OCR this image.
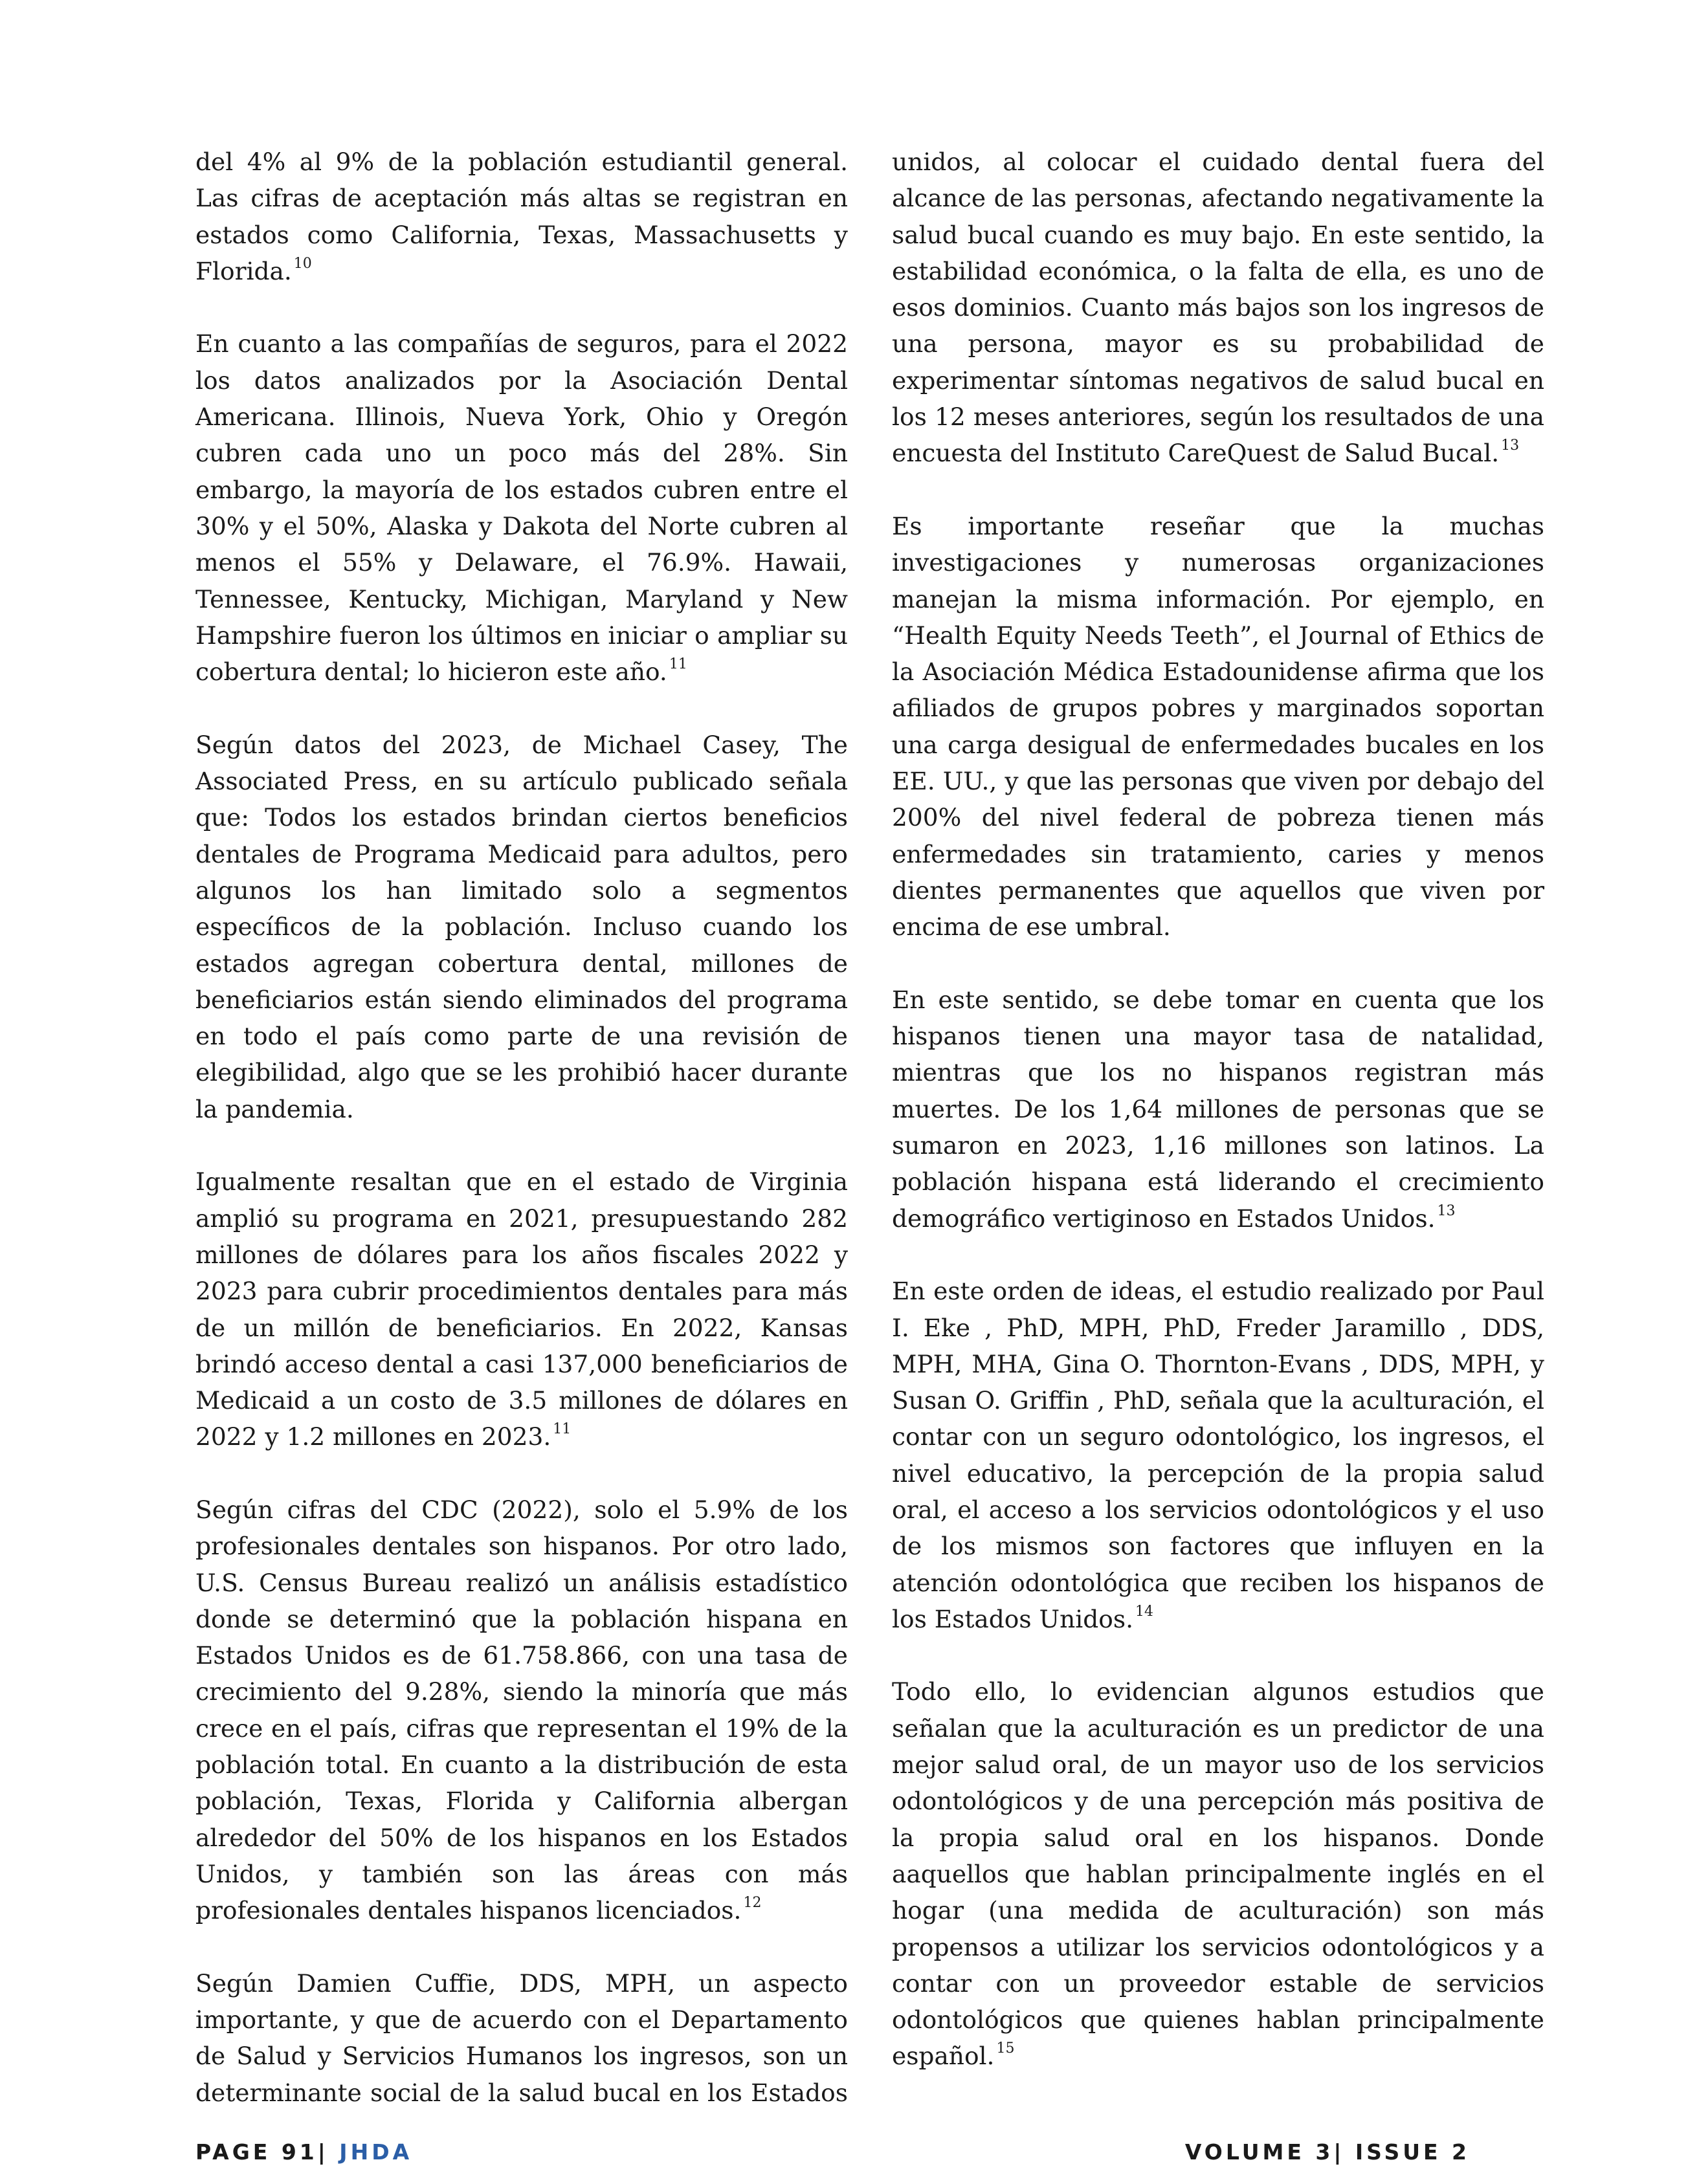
del 4% al 9% de la población estudiantil general. Las cifras de aceptación más altas se registran en estados como California, Texas, Massachusetts y Florida. $^{10}$

En cuanto a las compañías de seguros, para el 2022 los datos analizados por la Asociación Dental Americana. Illinois, Nueva York, Ohio y Oregón cubren cada uno un poco más del 28%. Sin embargo, la mayoría de los estados cubren entre el 30% y el 50%, Alaska y Dakota del Norte cubren al menos el 55% y Delaware, el 76.9%. Hawaii, Tennessee, Kentucky, Michigan, Maryland y New Hampshire fueron los últimos en iniciar o ampliar su cobertura dental; lo hicieron este año. $^{11}$

Según datos del 2023, de Michael Casey, The Associated Press, en su artículo publicado señala que: Todos los estados brindan ciertos beneficios dentales de Programa Medicaid para adultos, pero algunos los han limitado solo a segmentos específicos de la población. Incluso cuando los estados agregan cobertura dental, millones de beneficiarios están siendo eliminados del programa en todo el país como parte de una revisión de elegibilidad, algo que se les prohibió hacer durante la pandemia.

Igualmente resaltan que en el estado de Virginia amplió su programa en 2021, presupuestando 282 millones de dólares para los años fiscales 2022 y 2023 para cubrir procedimientos dentales para más de un millón de beneficiarios. En 2022, Kansas brindó acceso dental a casi 137,000 beneficiarios de Medicaid a un costo de 3.5 millones de dólares en 2022 y 1.2 millones en 2023. $^{11}$

Según cifras del CDC (2022), solo el 5.9% de los profesionales dentales son hispanos. Por otro lado, U.S. Census Bureau realizó un análisis estadístico donde se determinó que la población hispana en Estados Unidos es de 61.758.866, con una tasa de crecimiento del 9.28%, siendo la minoría que más crece en el país, cifras que representan el 19% de la población total. En cuanto a la distribución de esta población, Texas, Florida y California albergan alrededor del 50% de los hispanos en los Estados Unidos, y también son las áreas con más profesionales dentales hispanos licenciados. $^{12}$

Según Damien Cuffie, DDS, MPH, un aspecto importante, y que de acuerdo con el Departamento de Salud y Servicios Humanos los ingresos, son un determinante social de la salud bucal en los Estados

unidos, al colocar el cuidado dental fuera del alcance de las personas, afectando negativamente la salud bucal cuando es muy bajo. En este sentido, la estabilidad económica, o la falta de ella, es uno de esos dominios. Cuanto más bajos son los ingresos de una persona, mayor es su probabilidad de experimentar síntomas negativos de salud bucal en los 12 meses anteriores, según los resultados de una encuesta del Instituto CareQuest de Salud Bucal. $^{13}$

Es importante reseñar que la muchas investigaciones y numerosas organizaciones manejan la misma información. Por ejemplo, en “Health Equity Needs Teeth”, el Journal of Ethics de la Asociación Médica Estadounidense afirma que los afiliados de grupos pobres y marginados soportan una carga desigual de enfermedades bucales en los EE. UU., y que las personas que viven por debajo del 200% del nivel federal de pobreza tienen más enfermedades sin tratamiento, caries y menos dientes permanentes que aquellos que viven por encima de ese umbral.

En este sentido, se debe tomar en cuenta que los hispanos tienen una mayor tasa de natalidad, mientras que los no hispanos registran más muertes. De los 1,64 millones de personas que se sumaron en 2023, 1,16 millones son latinos. La población hispana está liderando el crecimiento demográfico vertiginoso en Estados Unidos. $^{13}$

En este orden de ideas, el estudio realizado por Paul I. Eke , PhD, MPH, PhD, Freder Jaramillo , DDS, MPH, MHA, Gina O. Thornton-Evans , DDS, MPH, y Susan O. Griffin , PhD, señala que la aculturación, el contar con un seguro odontológico, los ingresos, el nivel educativo, la percepción de la propia salud oral, el acceso a los servicios odontológicos y el uso de los mismos son factores que influyen en la atención odontológica que reciben los hispanos de los Estados Unidos. $^{14}$

Todo ello, lo evidencian algunos estudios que señalan que la aculturación es un predictor de una mejor salud oral, de un mayor uso de los servicios odontológicos y de una percepción más positiva de la propia salud oral en los hispanos. Donde aaquellos que hablan principalmente inglés en el hogar (una medida de aculturación) son más propensos a utilizar los servicios odontológicos y a contar con un proveedor estable de servicios odontológicos que quienes hablan principalmente español. $^{15}$

PAGE 91| JHDA	VOLUME 3| ISSUE 2
